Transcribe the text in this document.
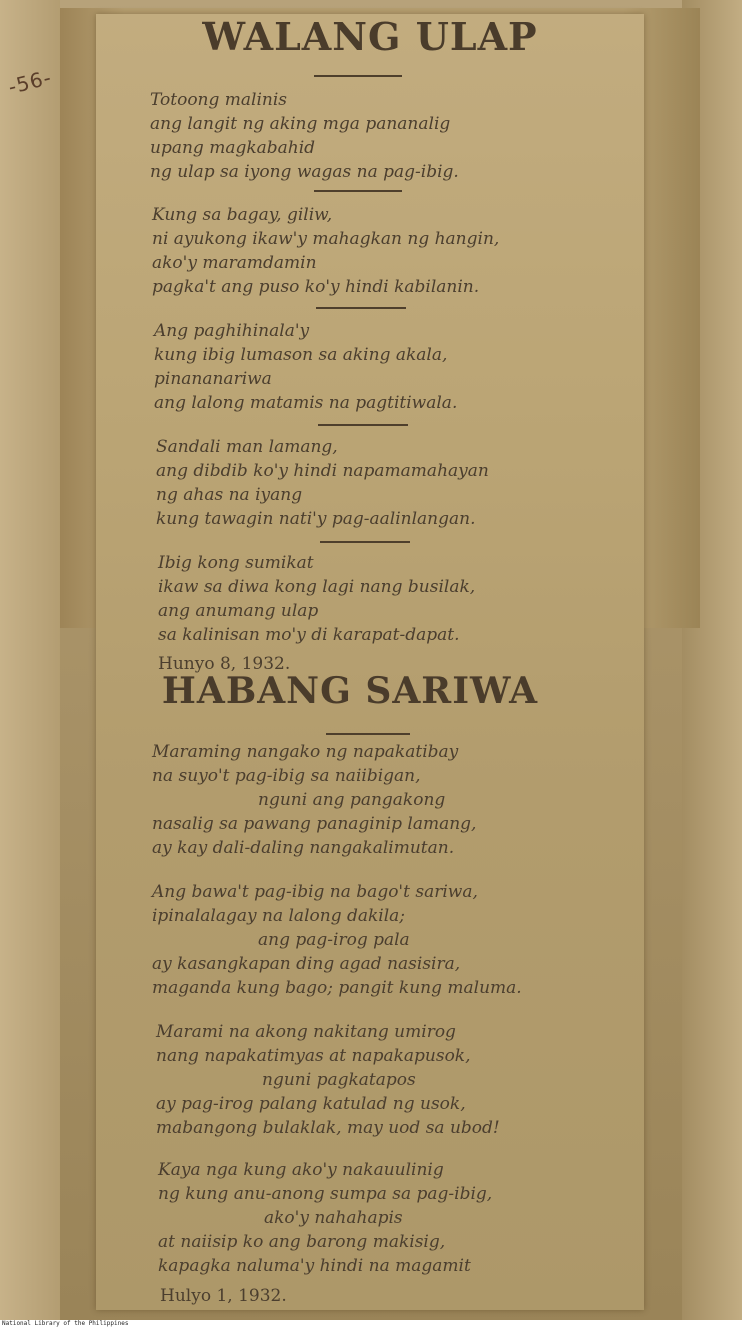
-56-
WALANG ULAP
Totoong malinis
ang langit ng aking mga pananalig
upang magkabahid
ng ulap sa iyong wagas na pag-ibig.
Kung sa bagay, giliw,
ni ayukong ikaw'y mahagkan ng hangin,
ako'y maramdamin
pagka't ang puso ko'y hindi kabilanin.
Ang paghihinala'y
kung ibig lumason sa aking akala,
pinananariwa
ang lalong matamis na pagtitiwala.
Sandali man lamang,
ang dibdib ko'y hindi napamamahayan
ng ahas na iyang
kung tawagin nati'y pag-aalinlangan.
Ibig kong sumikat
ikaw sa diwa kong lagi nang busilak,
ang anumang ulap
sa kalinisan mo'y di karapat-dapat.

Hunyo 8, 1932.

HABANG SARIWA
Maraming nangako ng napakatibay
na suyo't pag-ibig sa naiibigan,
nguni ang pangakong
nasalig sa pawang panaginip lamang,
ay kay dali-daling nangakalimutan.
Ang bawa't pag-ibig na bago't sariwa,
ipinalalagay na lalong dakila;
ang pag-irog pala
ay kasangkapan ding agad nasisira,
maganda kung bago; pangit kung maluma.
Marami na akong nakitang umirog
nang napakatimyas at napakapusok,
nguni pagkatapos
ay pag-irog palang katulad ng usok,
mabangong bulaklak, may uod sa ubod!
Kaya nga kung ako'y nakauulinig
ng kung anu-anong sumpa sa pag-ibig,
ako'y nahahapis
at naiisip ko ang barong makisig,
kapagka naluma'y hindi na magamit

Hulyo 1, 1932.

National Library of the Philippines
